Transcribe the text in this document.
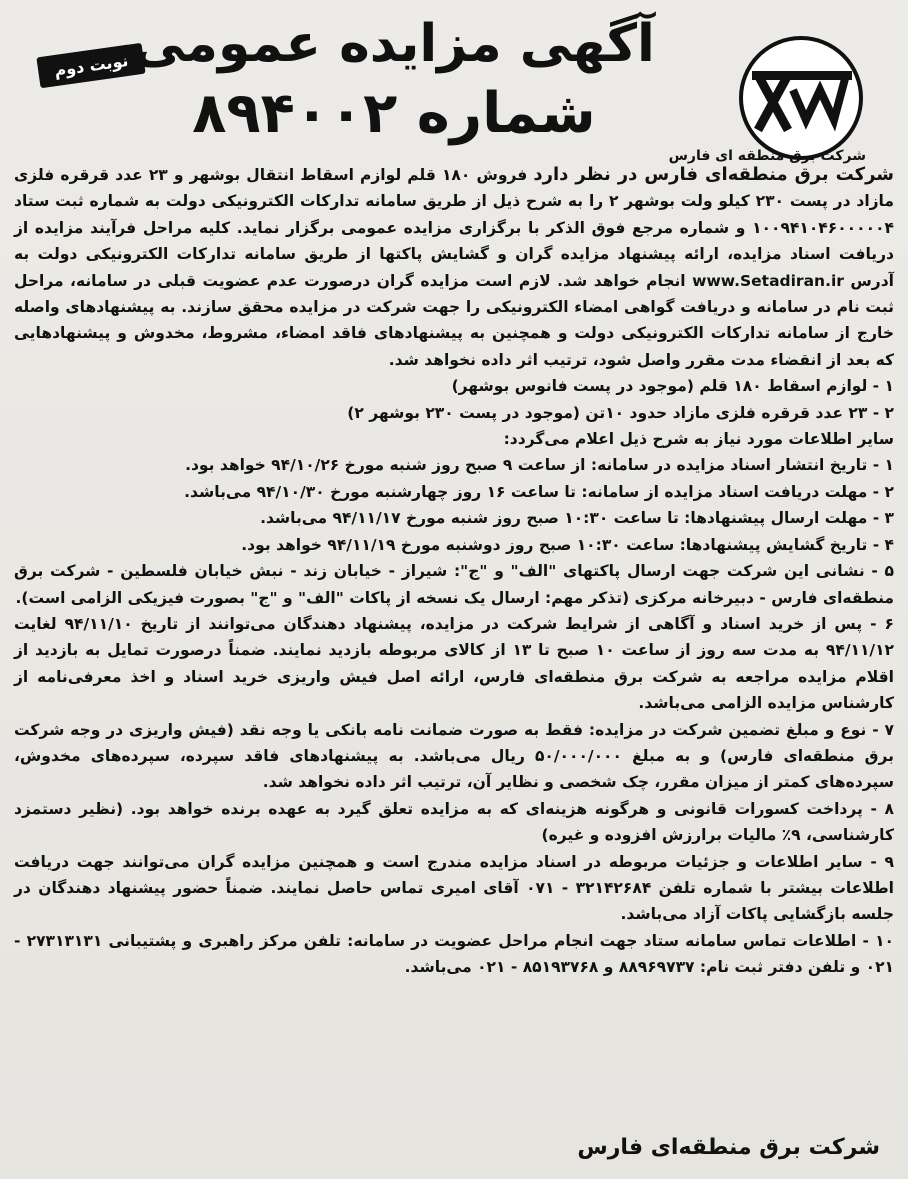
نوبت دوم آگهی مزایده عمومی
شماره ۸۹۴۰۰۲
شرکت برق منطقه ای فارس

شرکت برق منطقه‌ای فارس در نظر دارد فروش ۱۸۰ قلم لوازم اسقاط انتقال بوشهر و ۲۳ عدد قرقره فلزی مازاد در پست ۲۳۰ کیلو ولت بوشهر ۲ را به شرح ذیل از طریق سامانه تدارکات الکترونیکی دولت به شماره ثبت ستاد ۱۰۰۹۴۱۰۴۶۰۰۰۰۰۴ و شماره مرجع فوق الذکر با برگزاری مزایده عمومی برگزار نماید. کلیه مراحل فرآیند مزایده از دریافت اسناد مزایده، ارائه پیشنهاد مزایده گران و گشایش پاکتها از طریق سامانه تدارکات الکترونیکی دولت به آدرس www.Setadiran.ir انجام خواهد شد. لازم است مزایده گران درصورت عدم عضویت قبلی در سامانه، مراحل ثبت نام در سامانه و دریافت گواهی امضاء الکترونیکی را جهت شرکت در مزایده محقق سازند. به پیشنهادهای واصله خارج از سامانه تدارکات الکترونیکی دولت و همچنین به پیشنهادهای فاقد امضاء، مشروط، مخدوش و پیشنهادهایی که بعد از انقضاء مدت مقرر واصل شود، ترتیب اثر داده نخواهد شد.

۱ - لوازم اسقاط ۱۸۰ قلم (موجود در پست فانوس بوشهر)

۲ - ۲۳ عدد قرقره فلزی مازاد حدود ۱۰تن (موجود در پست ۲۳۰ بوشهر ۲)

سایر اطلاعات مورد نیاز به شرح ذیل اعلام می‌گردد:

۱ - تاریخ انتشار اسناد مزایده در سامانه: از ساعت ۹ صبح روز شنبه مورخ ۹۴/۱۰/۲۶ خواهد بود.

۲ - مهلت دریافت اسناد مزایده از سامانه: تا ساعت ۱۶ روز چهارشنبه مورخ ۹۴/۱۰/۳۰ می‌باشد.

۳ - مهلت ارسال پیشنهادها: تا ساعت ۱۰:۳۰ صبح روز شنبه مورخ ۹۴/۱۱/۱۷ می‌باشد.

۴ - تاریخ گشایش پیشنهادها: ساعت ۱۰:۳۰ صبح روز دوشنبه مورخ ۹۴/۱۱/۱۹ خواهد بود.

۵ - نشانی این شرکت جهت ارسال پاکتهای "الف" و "ج": شیراز - خیابان زند - نبش خیابان فلسطین - شرکت برق منطقه‌ای فارس - دبیرخانه مرکزی (تذکر مهم: ارسال یک نسخه از پاکات "الف" و "ج" بصورت فیزیکی الزامی است).

۶ - پس از خرید اسناد و آگاهی از شرایط شرکت در مزایده، پیشنهاد دهندگان می‌توانند از تاریخ ۹۴/۱۱/۱۰ لغایت ۹۴/۱۱/۱۲ به مدت سه روز از ساعت ۱۰ صبح تا ۱۳ از کالای مربوطه بازدید نمایند. ضمناً درصورت تمایل به بازدید از اقلام مزایده مراجعه به شرکت برق منطقه‌ای فارس، ارائه اصل فیش واریزی خرید اسناد و اخذ معرفی‌نامه از کارشناس مزایده الزامی می‌باشد.

۷ - نوع و مبلغ تضمین شرکت در مزایده: فقط به صورت ضمانت نامه بانکی یا وجه نقد (فیش واریزی در وجه شرکت برق منطقه‌ای فارس) و به مبلغ ۵۰/۰۰۰/۰۰۰ ریال می‌باشد. به پیشنهادهای فاقد سپرده، سپرده‌های مخدوش، سپرده‌های کمتر از میزان مقرر، چک شخصی و نظایر آن، ترتیب اثر داده نخواهد شد.

۸ - پرداخت کسورات قانونی و هرگونه هزینه‌ای که به مزایده تعلق گیرد به عهده برنده خواهد بود. (نظیر دستمزد کارشناسی، ۹٪ مالیات برارزش افزوده و غیره)

۹ - سایر اطلاعات و جزئیات مربوطه در اسناد مزایده مندرج است و همچنین مزایده گران می‌توانند جهت دریافت اطلاعات بیشتر با شماره تلفن ۳۲۱۴۲۶۸۴ - ۰۷۱ آقای امیری تماس حاصل نمایند. ضمناً حضور پیشنهاد دهندگان در جلسه بازگشایی پاکات آزاد می‌باشد.

۱۰ - اطلاعات تماس سامانه ستاد جهت انجام مراحل عضویت در سامانه: تلفن مرکز راهبری و پشتیبانی ۲۷۳۱۳۱۳۱ - ۰۲۱ و تلفن دفتر ثبت نام: ۸۸۹۶۹۷۳۷ و ۸۵۱۹۳۷۶۸ - ۰۲۱ می‌باشد.

شرکت برق منطقه‌ای فارس
